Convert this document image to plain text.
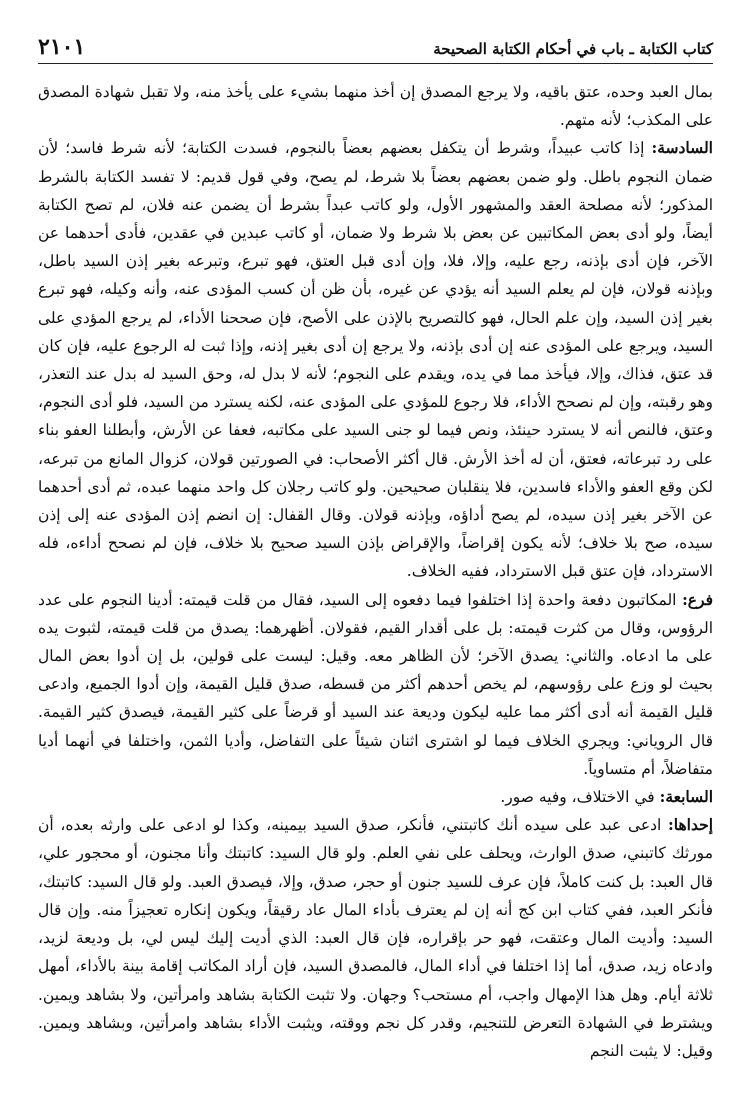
كتاب الكتابة ـ باب في أحكام الكتابة الصحيحة
٢١٠١

بمال العبد وحده، عتق باقيه، ولا يرجع المصدق إن أخذ منهما بشيء على يأخذ منه، ولا تقبل شهادة المصدق على المكذب؛ لأنه متهم.

السادسة: إذا كاتب عبيداً، وشرط أن يتكفل بعضهم بعضاً بالنجوم، فسدت الكتابة؛ لأنه شرط فاسد؛ لأن ضمان النجوم باطل. ولو ضمن بعضهم بعضاً بلا شرط، لم يصح، وفي قول قديم: لا تفسد الكتابة بالشرط المذكور؛ لأنه مصلحة العقد والمشهور الأول، ولو كاتب عبداً بشرط أن يضمن عنه فلان، لم تصح الكتابة أيضاً، ولو أدى بعض المكاتبين عن بعض بلا شرط ولا ضمان، أو كاتب عبدين في عقدين، فأدى أحدهما عن الآخر، فإن أدى بإذنه، رجع عليه، وإلا، فلا، وإن أدى قبل العتق، فهو تبرع، وتبرعه بغير إذن السيد باطل، وبإذنه قولان، فإن لم يعلم السيد أنه يؤدي عن غيره، بأن ظن أن كسب المؤدى عنه، وأنه وكيله، فهو تبرع بغير إذن السيد، وإن علم الحال، فهو كالتصريح بالإذن على الأصح، فإن صححنا الأداء، لم يرجع المؤدي على السيد، ويرجع على المؤدى عنه إن أدى بإذنه، ولا يرجع إن أدى بغير إذنه، وإذا ثبت له الرجوع عليه، فإن كان قد عتق، فذاك، وإلا، فيأخذ مما في يده، ويقدم على النجوم؛ لأنه لا بدل له، وحق السيد له بدل عند التعذر، وهو رقبته، وإن لم نصحح الأداء، فلا رجوع للمؤدي على المؤدى عنه، لكنه يسترد من السيد، فلو أدى النجوم، وعتق، فالنص أنه لا يسترد حينئذ، ونص فيما لو جنى السيد على مكاتبه، فعفا عن الأرش، وأبطلنا العفو بناء على رد تبرعاته، فعتق، أن له أخذ الأرش. قال أكثر الأصحاب: في الصورتين قولان، كزوال المانع من تبرعه، لكن وقع العفو والأداء فاسدين، فلا ينقلبان صحيحين. ولو كاتب رجلان كل واحد منهما عبده، ثم أدى أحدهما عن الآخر بغير إذن سيده، لم يصح أداؤه، وبإذنه قولان. وقال القفال: إن انضم إذن المؤدى عنه إلى إذن سيده، صح بلا خلاف؛ لأنه يكون إقراضاً، والإقراض بإذن السيد صحيح بلا خلاف، فإن لم نصحح أداءه، فله الاسترداد، فإن عتق قبل الاسترداد، ففيه الخلاف.

فرع: المكاتبون دفعة واحدة إذا اختلفوا فيما دفعوه إلى السيد، فقال من قلت قيمته: أدينا النجوم على عدد الرؤوس، وقال من كثرت قيمته: بل على أقدار القيم، فقولان. أظهرهما: يصدق من قلت قيمته، لثبوت يده على ما ادعاه. والثاني: يصدق الآخر؛ لأن الظاهر معه. وقيل: ليست على قولين، بل إن أدوا بعض المال بحيث لو وزع على رؤوسهم، لم يخص أحدهم أكثر من قسطه، صدق قليل القيمة، وإن أدوا الجميع، وادعى قليل القيمة أنه أدى أكثر مما عليه ليكون وديعة عند السيد أو قرضاً على كثير القيمة، فيصدق كثير القيمة. قال الروياني: ويجري الخلاف فيما لو اشترى اثنان شيئاً على التفاضل، وأديا الثمن، واختلفا في أنهما أديا متفاضلاً، أم متساوياً.

السابعة: في الاختلاف، وفيه صور.

إحداها: ادعى عبد على سيده أنك كاتبتني، فأنكر، صدق السيد بيمينه، وكذا لو ادعى على وارثه بعده، أن مورثك كاتبني، صدق الوارث، ويحلف على نفي العلم. ولو قال السيد: كاتبتك وأنا مجنون، أو محجور علي، قال العبد: بل كنت كاملاً، فإن عرف للسيد جنون أو حجر، صدق، وإلا، فيصدق العبد. ولو قال السيد: كاتبتك، فأنكر العبد، ففي كتاب ابن كج أنه إن لم يعترف بأداء المال عاد رقيقاً، ويكون إنكاره تعجيزاً منه. وإن قال السيد: وأديت المال وعتقت، فهو حر بإقراره، فإن قال العبد: الذي أديت إليك ليس لي، بل وديعة لزيد، وادعاه زيد، صدق، أما إذا اختلفا في أداء المال، فالمصدق السيد، فإن أراد المكاتب إقامة بينة بالأداء، أمهل ثلاثة أيام. وهل هذا الإمهال واجب، أم مستحب؟ وجهان. ولا تثبت الكتابة بشاهد وامرأتين، ولا بشاهد ويمين. ويشترط في الشهادة التعرض للتنجيم، وقدر كل نجم ووقته، ويثبت الأداء بشاهد وامرأتين، وبشاهد ويمين. وقيل: لا يثبت النجم
